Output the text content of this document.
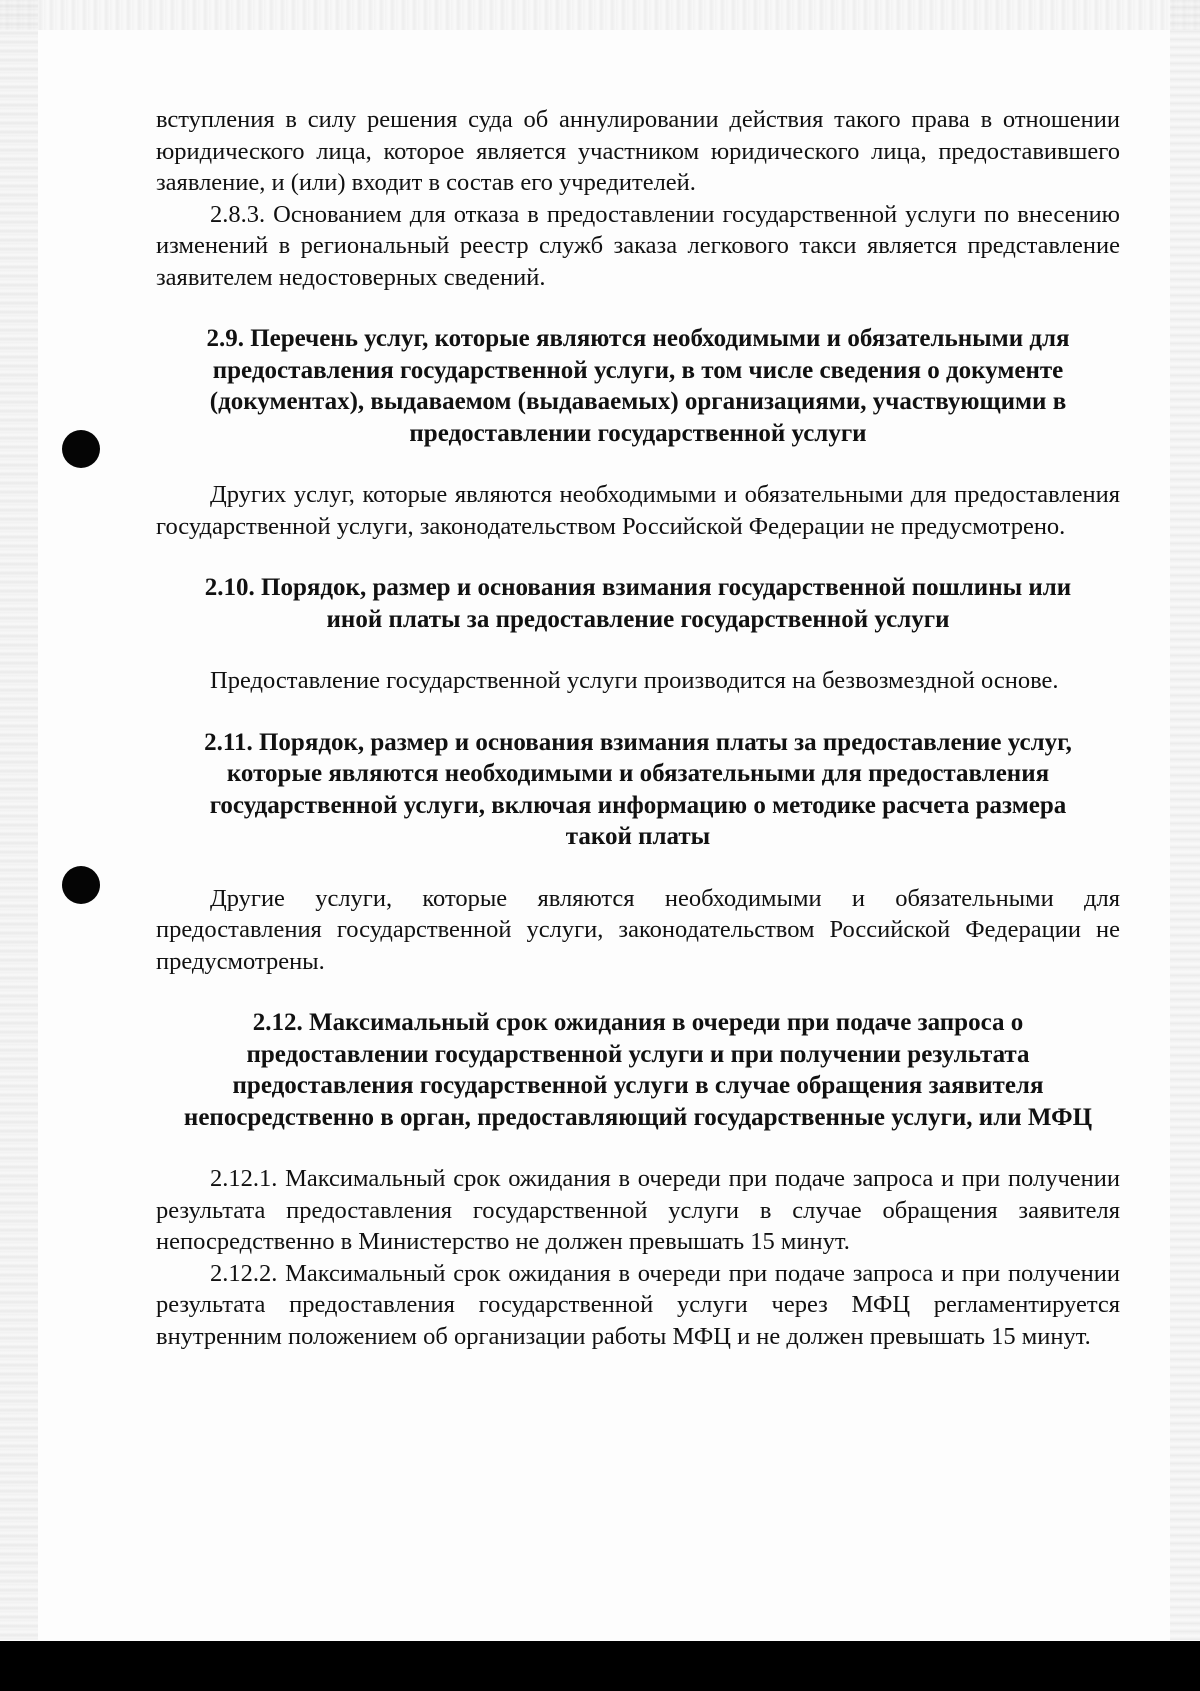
вступления в силу решения суда об аннулировании действия такого права в отношении юридического лица, которое является участником юридического лица, предоставившего заявление, и (или) входит в состав его учредителей.

2.8.3. Основанием для отказа в предоставлении государственной услуги по внесению изменений в региональный реестр служб заказа легкового такси является представление заявителем недостоверных сведений.

2.9. Перечень услуг, которые являются необходимыми и обязательными для предоставления государственной услуги, в том числе сведения о документе (документах), выдаваемом (выдаваемых) организациями, участвующими в предоставлении государственной услуги

Других услуг, которые являются необходимыми и обязательными для предоставления государственной услуги, законодательством Российской Федерации не предусмотрено.

2.10. Порядок, размер и основания взимания государственной пошлины или иной платы за предоставление государственной услуги

Предоставление государственной услуги производится на безвозмездной основе.

2.11. Порядок, размер и основания взимания платы за предоставление услуг, которые являются необходимыми и обязательными для предоставления государственной услуги, включая информацию о методике расчета размера такой платы

Другие услуги, которые являются необходимыми и обязательными для предоставления государственной услуги, законодательством Российской Федерации не предусмотрены.

2.12. Максимальный срок ожидания в очереди при подаче запроса о предоставлении государственной услуги и при получении результата предоставления государственной услуги в случае обращения заявителя непосредственно в орган, предоставляющий государственные услуги, или МФЦ

2.12.1. Максимальный срок ожидания в очереди при подаче запроса и при получении результата предоставления государственной услуги в случае обращения заявителя непосредственно в Министерство не должен превышать 15 минут.

2.12.2. Максимальный срок ожидания в очереди при подаче запроса и при получении результата предоставления государственной услуги через МФЦ регламентируется внутренним положением об организации работы МФЦ и не должен превышать 15 минут.
